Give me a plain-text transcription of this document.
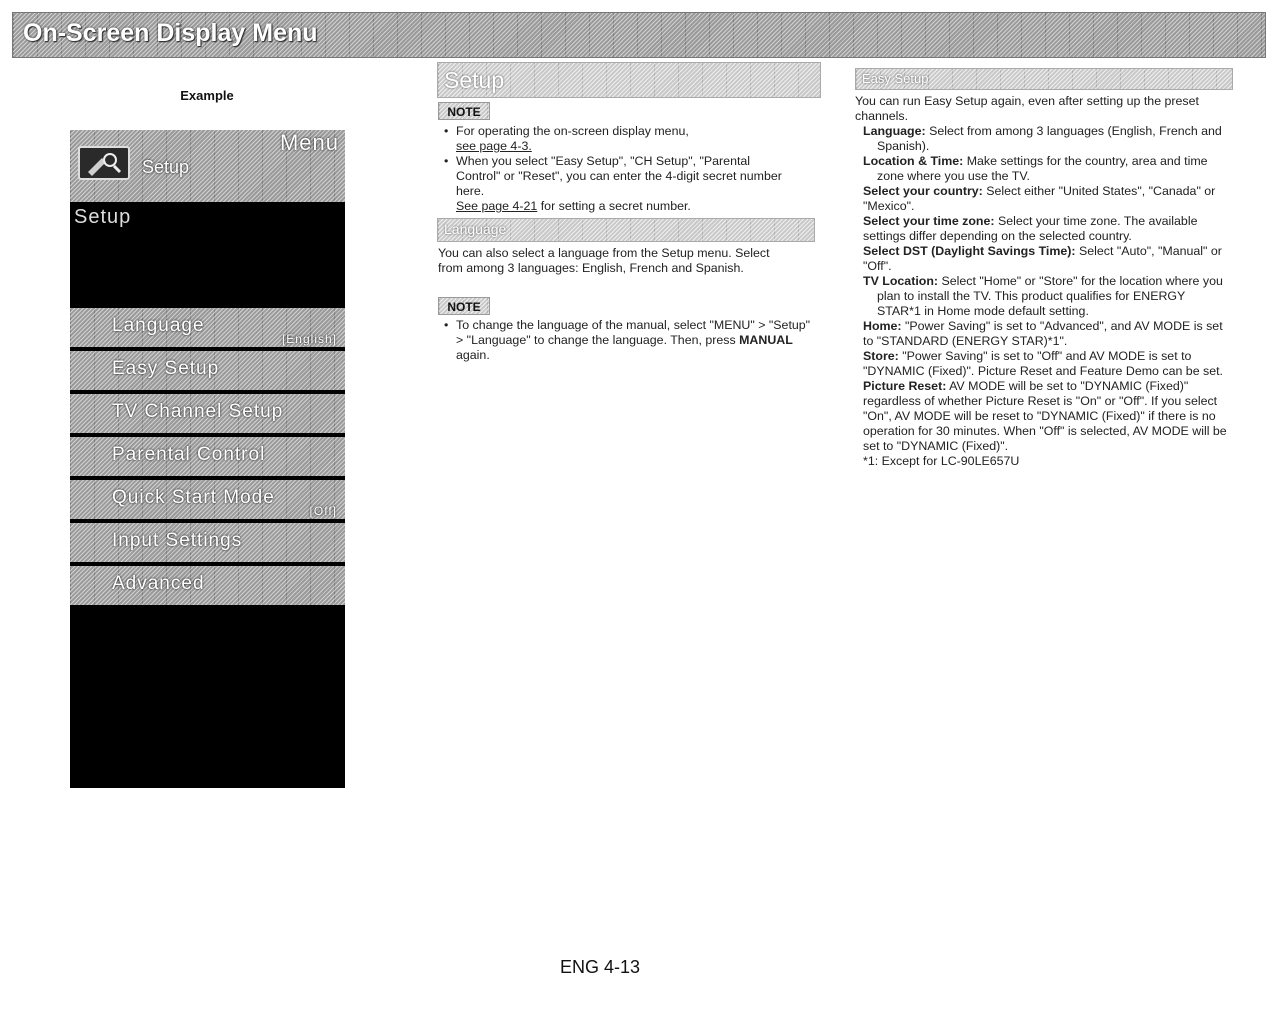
On-Screen Display Menu
Example
Menu
Setup
Setup
Language
[English]
Easy Setup
TV Channel Setup
Parental Control
Quick Start Mode
[Off]
Input Settings
Advanced
Setup
NOTE

• For operating the on-screen display menu,
see page 4-3.

• When you select "Easy Setup", "CH Setup", "Parental Control" or "Reset", you can enter the 4-digit secret number here.
See page 4-21 for setting a secret number.

Language
You can also select a language from the Setup menu. Select from among 3 languages: English, French and Spanish.
NOTE

• To change the language of the manual, select "MENU" > "Setup" > "Language" to change the language. Then, press MANUAL again.

Easy Setup

You can run Easy Setup again, even after setting up the preset channels.

Language: Select from among 3 languages (English, French and Spanish).

Location & Time: Make settings for the country, area and time zone where you use the TV.

Select your country: Select either "United States", "Canada" or "Mexico".

Select your time zone: Select your time zone. The available settings differ depending on the selected country.

Select DST (Daylight Savings Time): Select "Auto", "Manual" or "Off".

TV Location: Select "Home" or "Store" for the location where you plan to install the TV. This product qualifies for ENERGY STAR*1 in Home mode default setting.

Home: "Power Saving" is set to "Advanced", and AV MODE is set to "STANDARD (ENERGY STAR)*1".

Store: "Power Saving" is set to "Off" and AV MODE is set to "DYNAMIC (Fixed)". Picture Reset and Feature Demo can be set.

Picture Reset: AV MODE will be set to "DYNAMIC (Fixed)" regardless of whether Picture Reset is "On" or "Off". If you select "On", AV MODE will be reset to "DYNAMIC (Fixed)" if there is no operation for 30 minutes. When "Off" is selected, AV MODE will be set to "DYNAMIC (Fixed)".

*1: Except for LC-90LE657U

ENG 4-13
